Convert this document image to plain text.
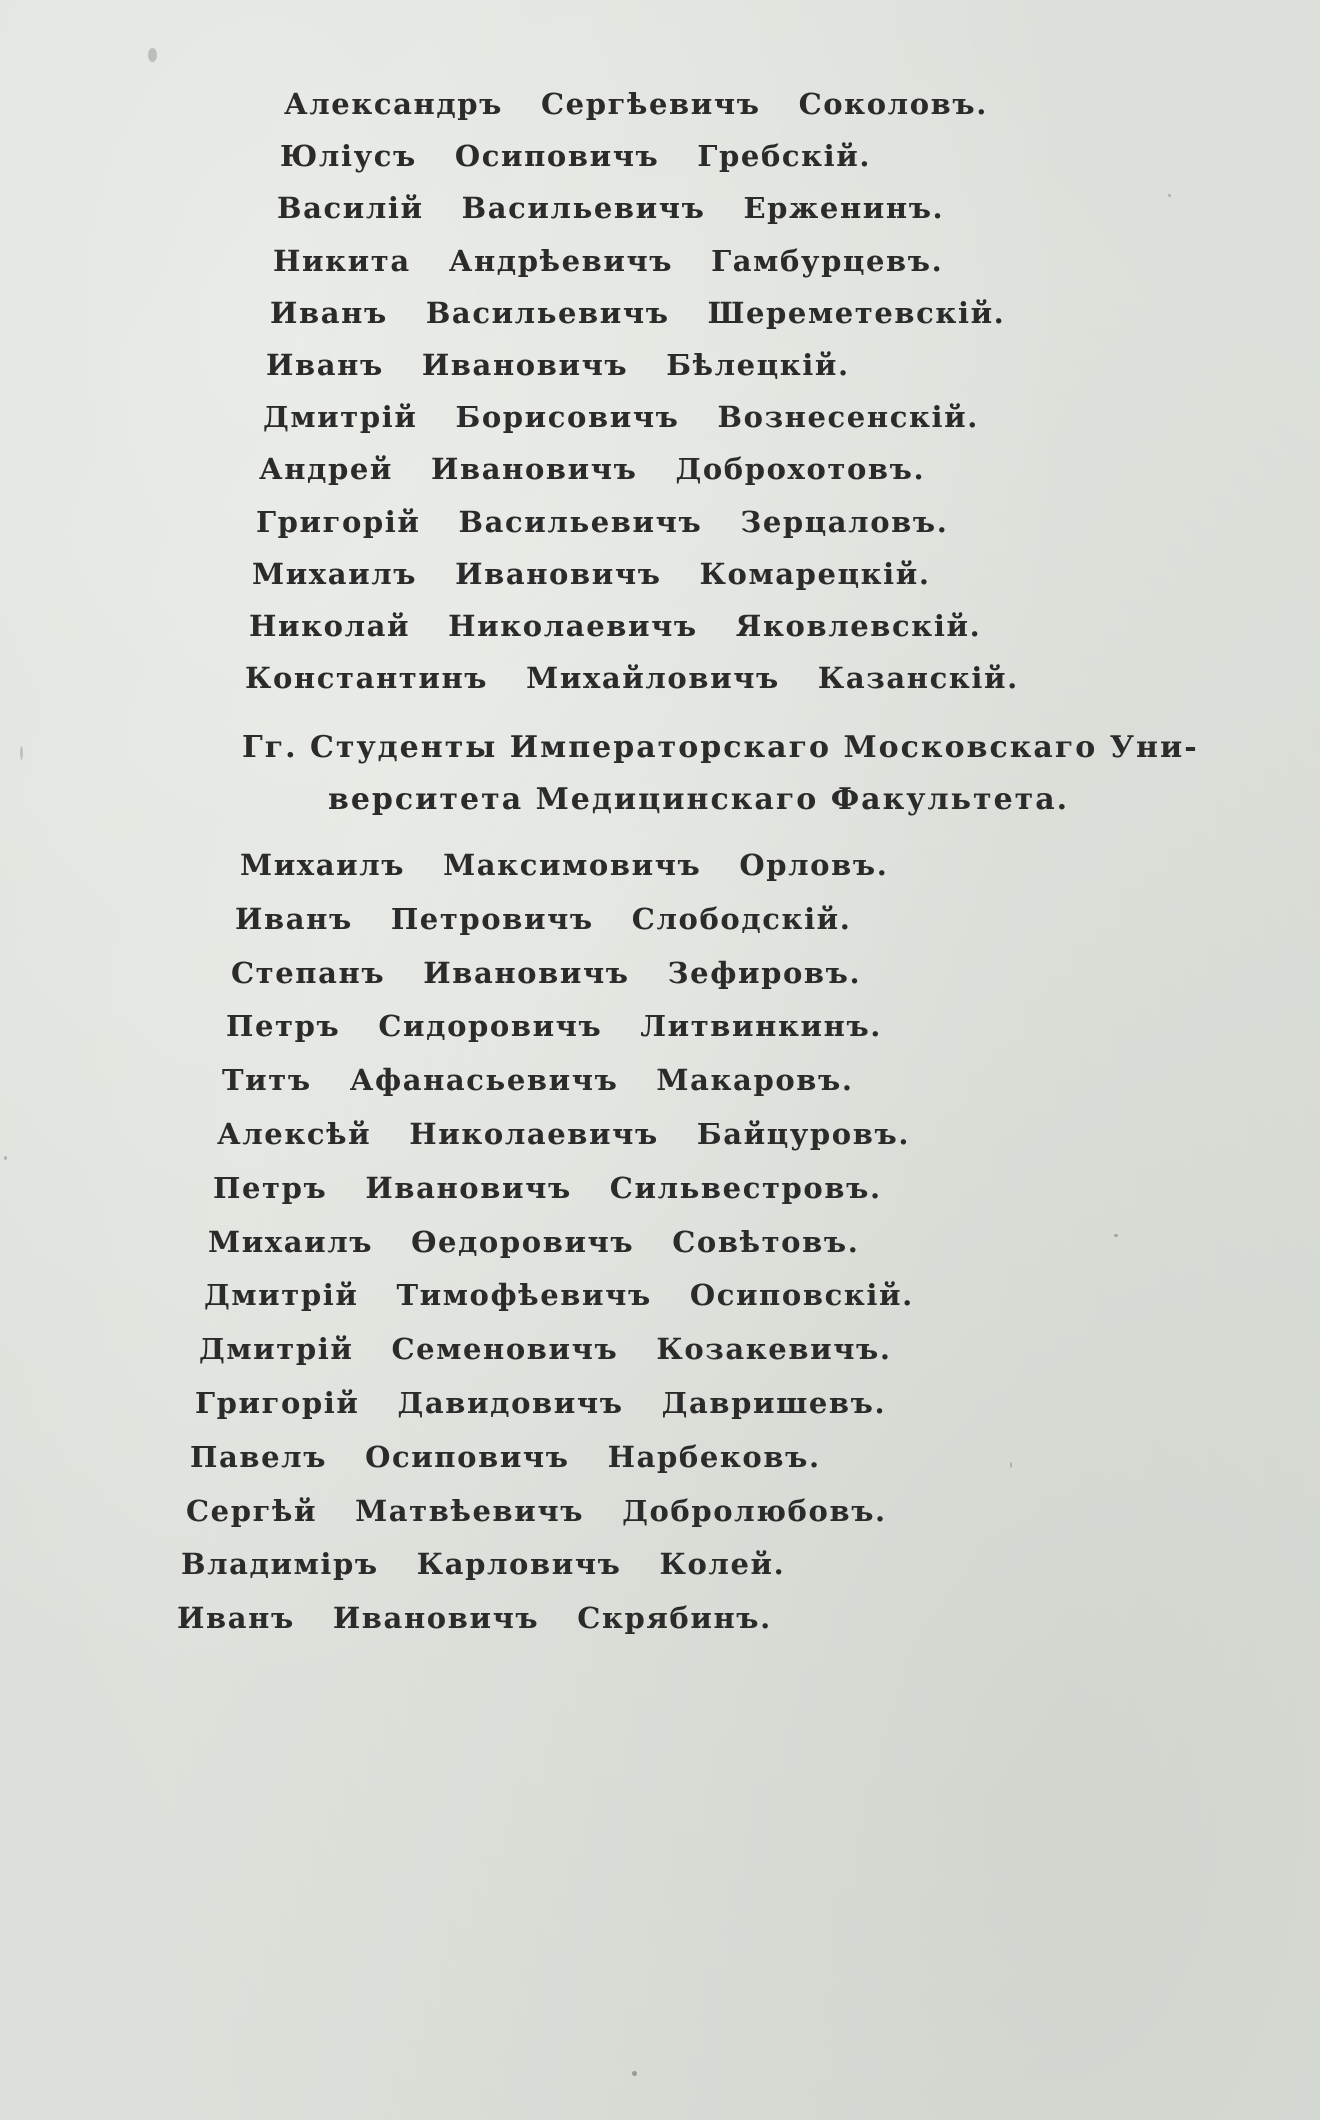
Александръ Сергѣевичъ Соколовъ.
Юліусъ Осиповичъ Гребскій.
Василій Васильевичъ Ерженинъ.
Никита Андрѣевичъ Гамбурцевъ.
Иванъ Васильевичъ Шереметевскій.
Иванъ Ивановичъ Бѣлецкій.
Дмитрій Борисовичъ Вознесенскій.
Андрей Ивановичъ Доброхотовъ.
Григорій Васильевичъ Зерцаловъ.
Михаилъ Ивановичъ Комарецкій.
Николай Николаевичъ Яковлевскій.
Константинъ Михайловичъ Казанскій.
Гг. Студенты Императорскаго Московскаго Уни-
верситета Медицинскаго Факультета.
Михаилъ Максимовичъ Орловъ.
Иванъ Петровичъ Слободскій.
Степанъ Ивановичъ Зефировъ.
Петръ Сидоровичъ Литвинкинъ.
Титъ Афанасьевичъ Макаровъ.
Алексѣй Николаевичъ Байцуровъ.
Петръ Ивановичъ Сильвестровъ.
Михаилъ Ѳедоровичъ Совѣтовъ.
Дмитрій Тимофѣевичъ Осиповскій.
Дмитрій Семеновичъ Козакевичъ.
Григорій Давидовичъ Давришевъ.
Павелъ Осиповичъ Нарбековъ.
Сергѣй Матвѣевичъ Добролюбовъ.
Владиміръ Карловичъ Колей.
Иванъ Ивановичъ Скрябинъ.
